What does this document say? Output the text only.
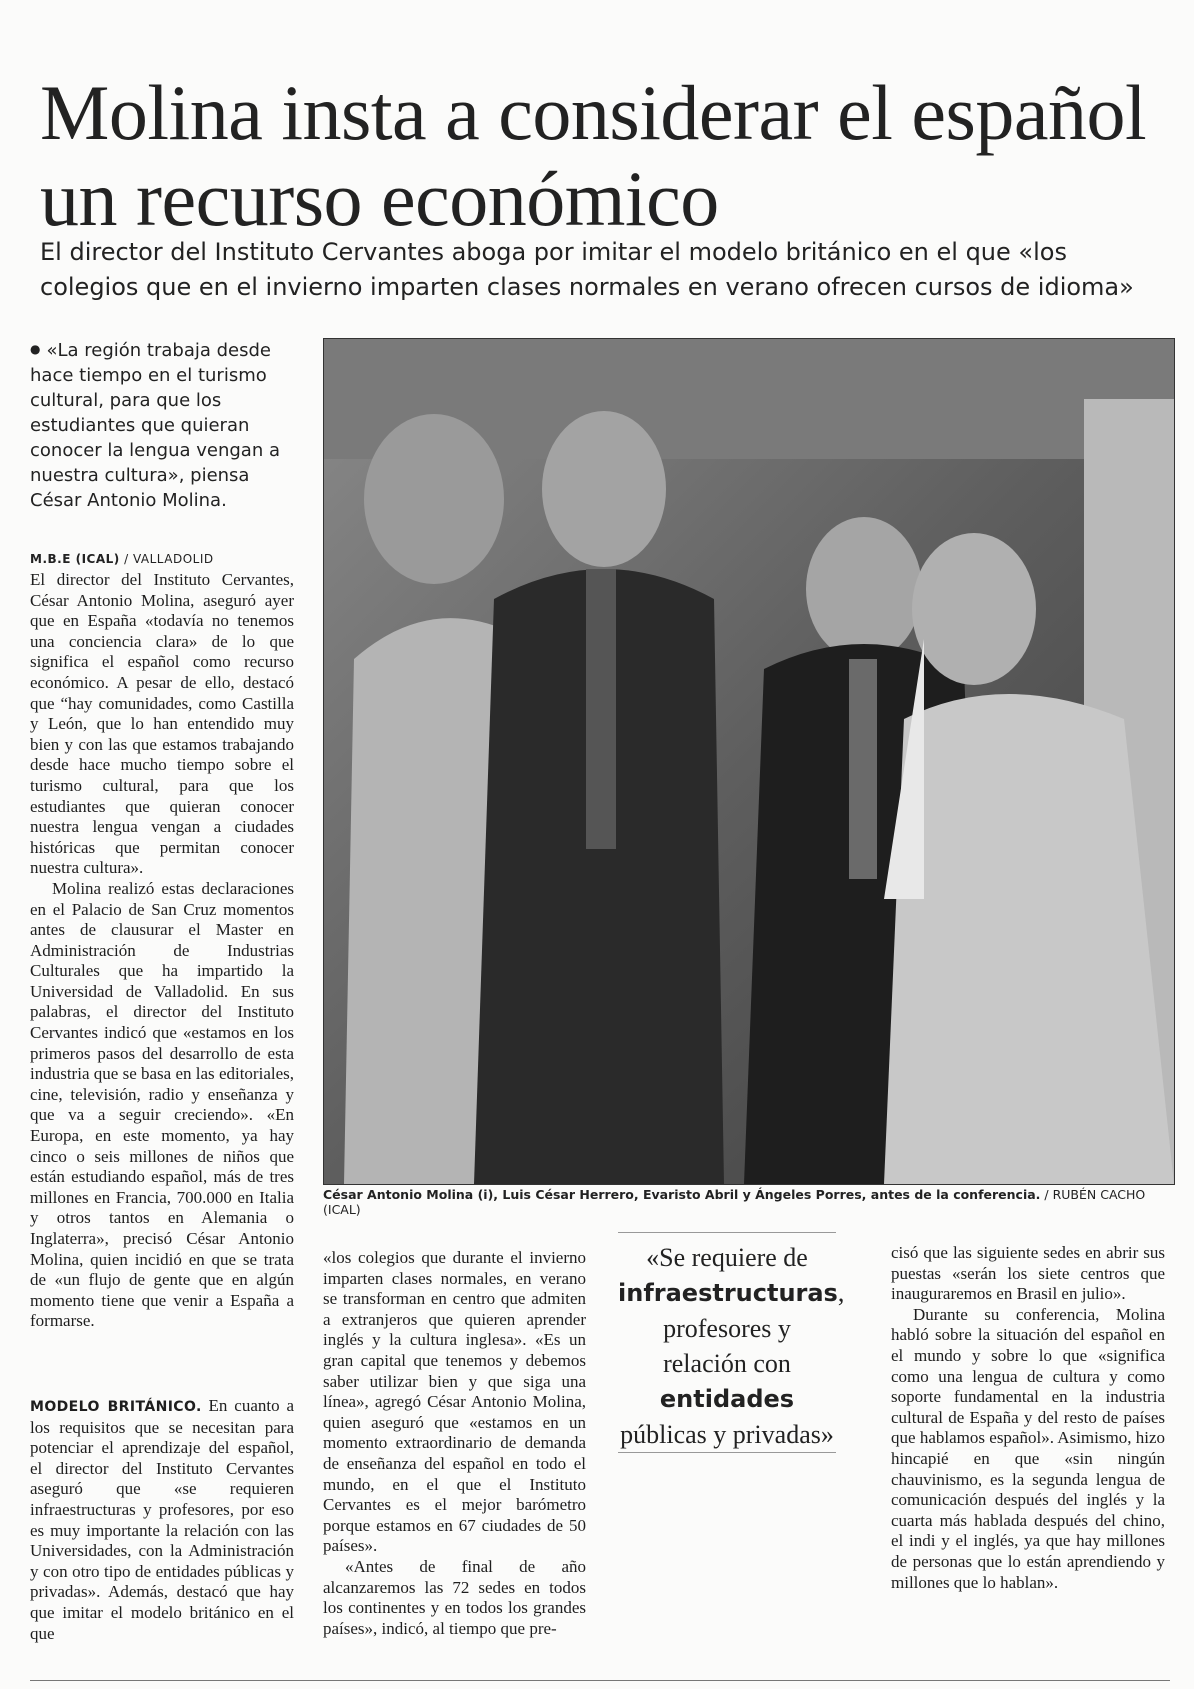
Molina insta a considerar el español un recurso económico
El director del Instituto Cervantes aboga por imitar el modelo británico en el que «los colegios que en el invierno imparten clases normales en verano ofrecen cursos de idioma»
● «La región trabaja desde hace tiempo en el turismo cultural, para que los estudiantes que quieran conocer la lengua vengan a nuestra cultura», piensa César Antonio Molina.
M.B.E (ICAL) / VALLADOLID

El director del Instituto Cervantes, César Antonio Molina, aseguró ayer que en España «todavía no tenemos una conciencia clara» de lo que significa el español como recurso económico. A pesar de ello, destacó que “hay comunidades, como Castilla y León, que lo han entendido muy bien y con las que estamos trabajando desde hace mucho tiempo sobre el turismo cultural, para que los estudiantes que quieran conocer nuestra lengua vengan a ciudades históricas que permitan conocer nuestra cultura».

Molina realizó estas declaraciones en el Palacio de San Cruz momentos antes de clausurar el Master en Administración de Industrias Culturales que ha impartido la Universidad de Valladolid. En sus palabras, el director del Instituto Cervantes indicó que «estamos en los primeros pasos del desarrollo de esta industria que se basa en las editoriales, cine, televisión, radio y enseñanza y que va a seguir creciendo». «En Europa, en este momento, ya hay cinco o seis millones de niños que están estudiando español, más de tres millones en Francia, 700.000 en Italia y otros tantos en Alemania o Inglaterra», precisó César Antonio Molina, quien incidió en que se trata de «un flujo de gente que en algún momento tiene que venir a España a formarse.

MODELO BRITÁNICO. En cuanto a los requisitos que se necesitan para potenciar el aprendizaje del español, el director del Instituto Cervantes aseguró que «se requieren infraestructuras y profesores, por eso es muy importante la relación con las Universidades, con la Administración y con otro tipo de entidades públicas y privadas». Además, destacó que hay que imitar el modelo británico en el que

César Antonio Molina (i), Luis César Herrero, Evaristo Abril y Ángeles Porres, antes de la conferencia. / RUBÉN CACHO (ICAL)

«los colegios que durante el invierno imparten clases normales, en verano se transforman en centro que admiten a extranjeros que quieren aprender inglés y la cultura inglesa». «Es un gran capital que tenemos y debemos saber utilizar bien y que siga una línea», agregó César Antonio Molina, quien aseguró que «estamos en un momento extraordinario de demanda de enseñanza del español en todo el mundo, en el que el Instituto Cervantes es el mejor barómetro porque estamos en 67 ciudades de 50 países».

«Antes de final de año alcanzaremos las 72 sedes en todos los continentes y en todos los grandes países», indicó, al tiempo que pre-

«Se requiere de infraestructuras, profesores y relación con entidades públicas y privadas»

cisó que las siguiente sedes en abrir sus puestas «serán los siete centros que inauguraremos en Brasil en julio».

Durante su conferencia, Molina habló sobre la situación del español en el mundo y sobre lo que «significa como una lengua de cultura y como soporte fundamental en la industria cultural de España y del resto de países que hablamos español». Asimismo, hizo hincapié en que «sin ningún chauvinismo, es la segunda lengua de comunicación después del inglés y la cuarta más hablada después del chino, el indi y el inglés, ya que hay millones de personas que lo están aprendiendo y millones que lo hablan».
